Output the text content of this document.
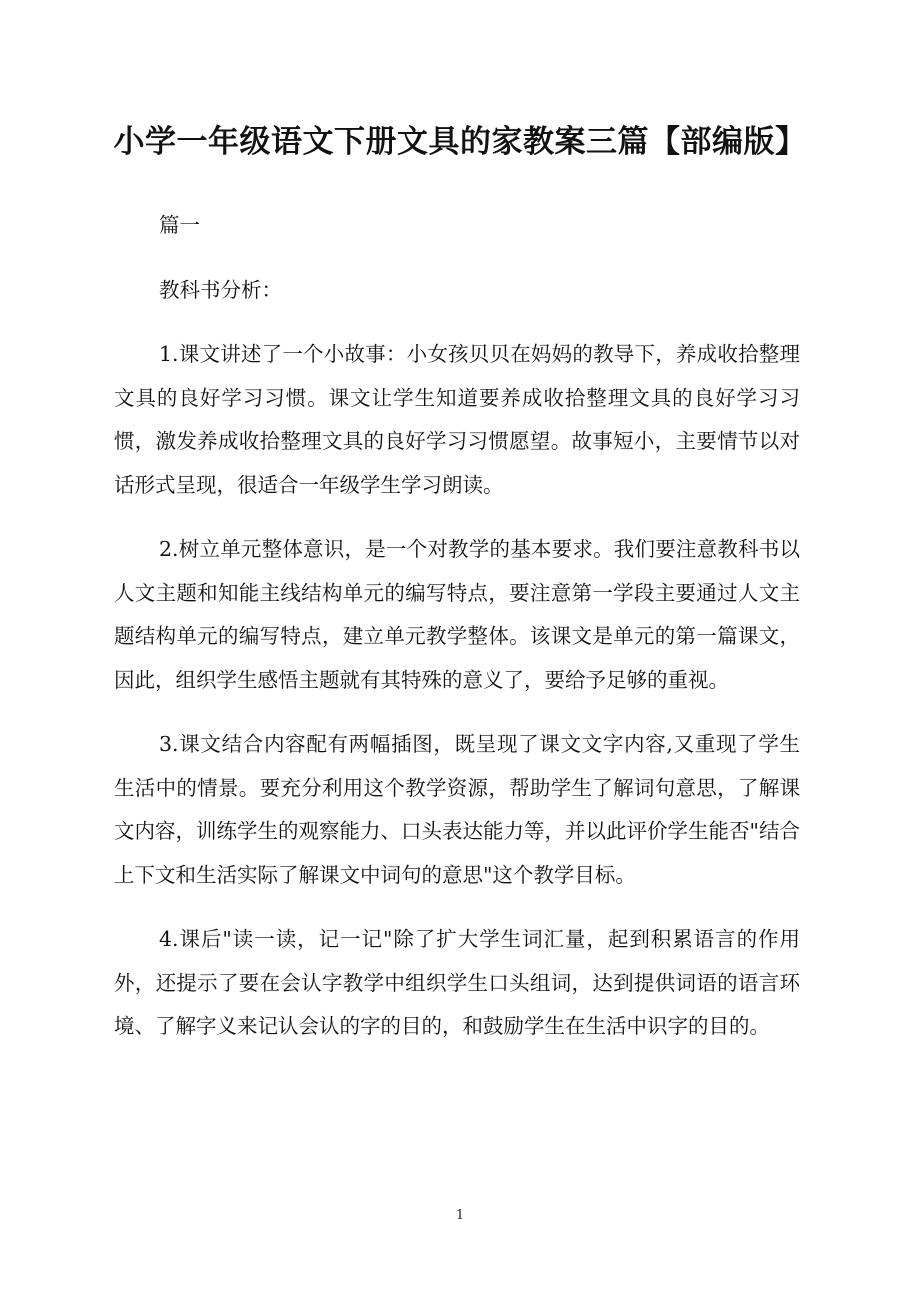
小学一年级语文下册文具的家教案三篇【部编版】

篇一

教科书分析：

1.课文讲述了一个小故事：小女孩贝贝在妈妈的教导下，养成收拾整理文具的良好学习习惯。课文让学生知道要养成收拾整理文具的良好学习习惯，激发养成收拾整理文具的良好学习习惯愿望。故事短小，主要情节以对话形式呈现，很适合一年级学生学习朗读。

2.树立单元整体意识，是一个对教学的基本要求。我们要注意教科书以人文主题和知能主线结构单元的编写特点，要注意第一学段主要通过人文主题结构单元的编写特点，建立单元教学整体。该课文是单元的第一篇课文，因此，组织学生感悟主题就有其特殊的意义了，要给予足够的重视。

3.课文结合内容配有两幅插图，既呈现了课文文字内容,又重现了学生生活中的情景。要充分利用这个教学资源，帮助学生了解词句意思，了解课文内容，训练学生的观察能力、口头表达能力等，并以此评价学生能否"结合上下文和生活实际了解课文中词句的意思"这个教学目标。

4.课后"读一读，记一记"除了扩大学生词汇量，起到积累语言的作用外，还提示了要在会认字教学中组织学生口头组词，达到提供词语的语言环境、了解字义来记认会认的字的目的，和鼓励学生在生活中识字的目的。

1
